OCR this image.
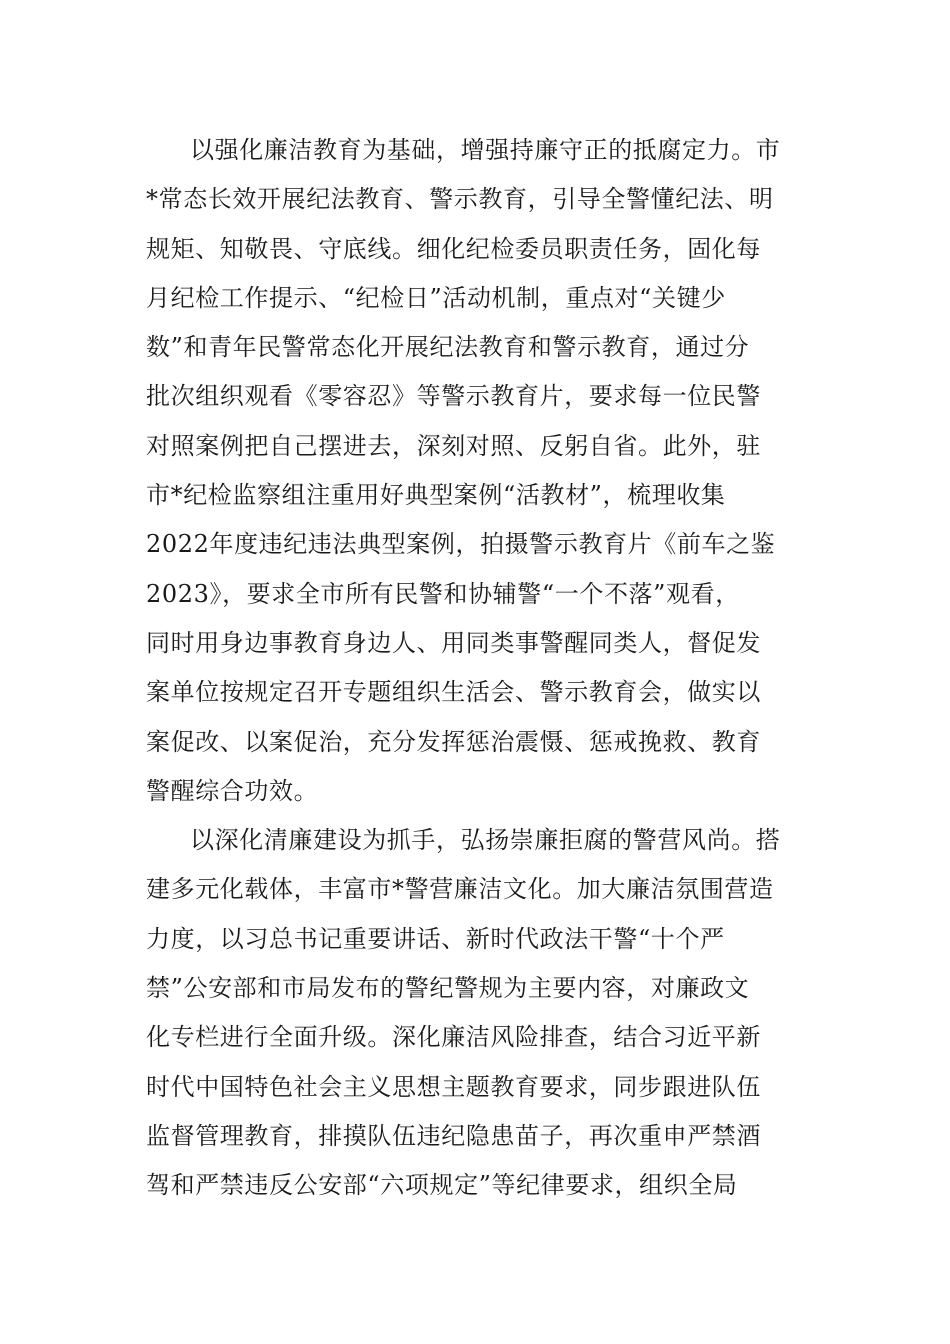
以强化廉洁教育为基础，增强持廉守正的抵腐定力。市
*常态长效开展纪法教育、警示教育，引导全警懂纪法、明
规矩、知敬畏、守底线。细化纪检委员职责任务，固化每
月纪检工作提示、“纪检日”活动机制，重点对“关键少
数”和青年民警常态化开展纪法教育和警示教育，通过分
批次组织观看《零容忍》等警示教育片，要求每一位民警
对照案例把自己摆进去，深刻对照、反躬自省。此外，驻
市*纪检监察组注重用好典型案例“活教材”，梳理收集
2022年度违纪违法典型案例，拍摄警示教育片《前车之鉴
2023》，要求全市所有民警和协辅警“一个不落”观看，
同时用身边事教育身边人、用同类事警醒同类人，督促发
案单位按规定召开专题组织生活会、警示教育会，做实以
案促改、以案促治，充分发挥惩治震慑、惩戒挽救、教育
警醒综合功效。
以深化清廉建设为抓手，弘扬崇廉拒腐的警营风尚。搭
建多元化载体，丰富市*警营廉洁文化。加大廉洁氛围营造
力度，以习总书记重要讲话、新时代政法干警“十个严
禁”公安部和市局发布的警纪警规为主要内容，对廉政文
化专栏进行全面升级。深化廉洁风险排查，结合习近平新
时代中国特色社会主义思想主题教育要求，同步跟进队伍
监督管理教育，排摸队伍违纪隐患苗子，再次重申严禁酒
驾和严禁违反公安部“六项规定”等纪律要求，组织全局
